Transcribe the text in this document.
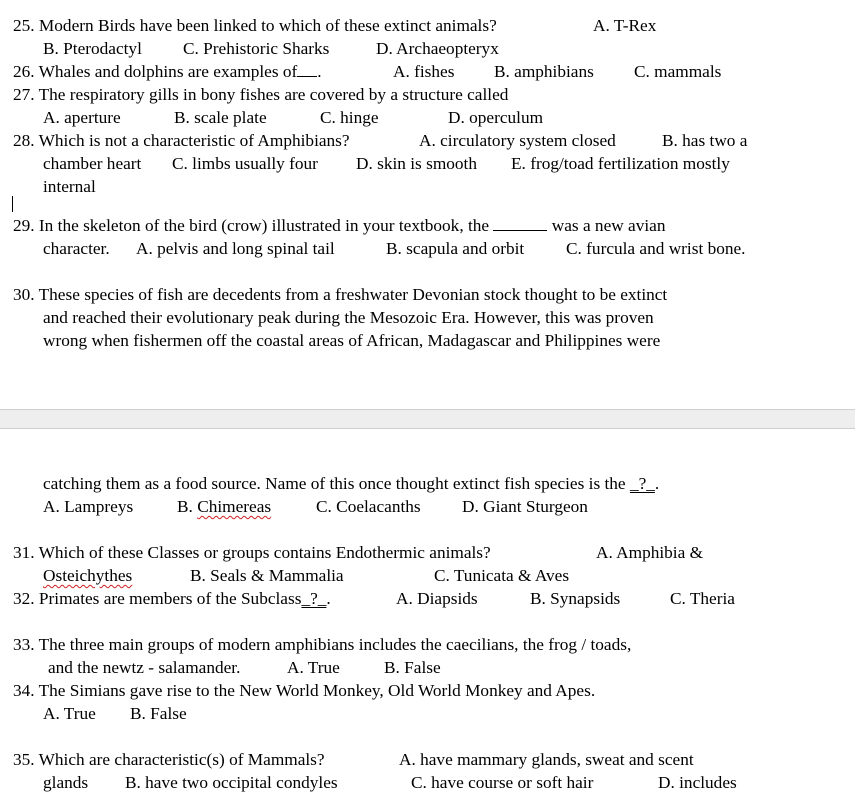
25. Modern Birds have been linked to which of these extinct animals?	A. T-Rex
B. Pterodactyl C. Prehistoric Sharks	D. Archaeopteryx
26. Whales and dolphins are examples of .	A. fishes B. amphibians C. mammals
27. The respiratory gills in bony fishes are covered by a structure called
A. aperture	B. scale plate	C. hinge	D. operculum
28. Which is not a characteristic of Amphibians?	A. circulatory system closed	B. has two a
chamber heart C. limbs usually four D. skin is smooth E. frog/toad fertilization mostly
internal
29. In the skeleton of the bird (crow) illustrated in your textbook, the	was a new avian
character. A. pelvis and long spinal tail	B. scapula and orbit C. furcula and wrist bone.
30. These species of fish are decedents from a freshwater Devonian stock thought to be extinct
and reached their evolutionary peak during the Mesozoic Era. However, this was proven
wrong when fishermen off the coastal areas of African, Madagascar and Philippines were
catching them as a food source. Name of this once thought extinct fish species is the _?_.
A. Lampreys	B. Chimereas	C. Coelacanths D. Giant Sturgeon
31. Which of these Classes or groups contains Endothermic animals?	A. Amphibia &
Osteichythes	B. Seals & Mammalia	C. Tunicata & Aves
32. Primates are members of the Subclass_?_.	A. Diapsids	B. Synapsids	C. Theria
33. The three main groups of modern amphibians includes the caecilians, the frog / toads,
and the newtz - salamander.	A. True	B. False
34. The Simians gave rise to the New World Monkey, Old World Monkey and Apes.
A. True B. False
35. Which are characteristic(s) of Mammals?	A. have mammary glands, sweat and scent
glands B. have two occipital condyles	C. have course or soft hair	D. includes
